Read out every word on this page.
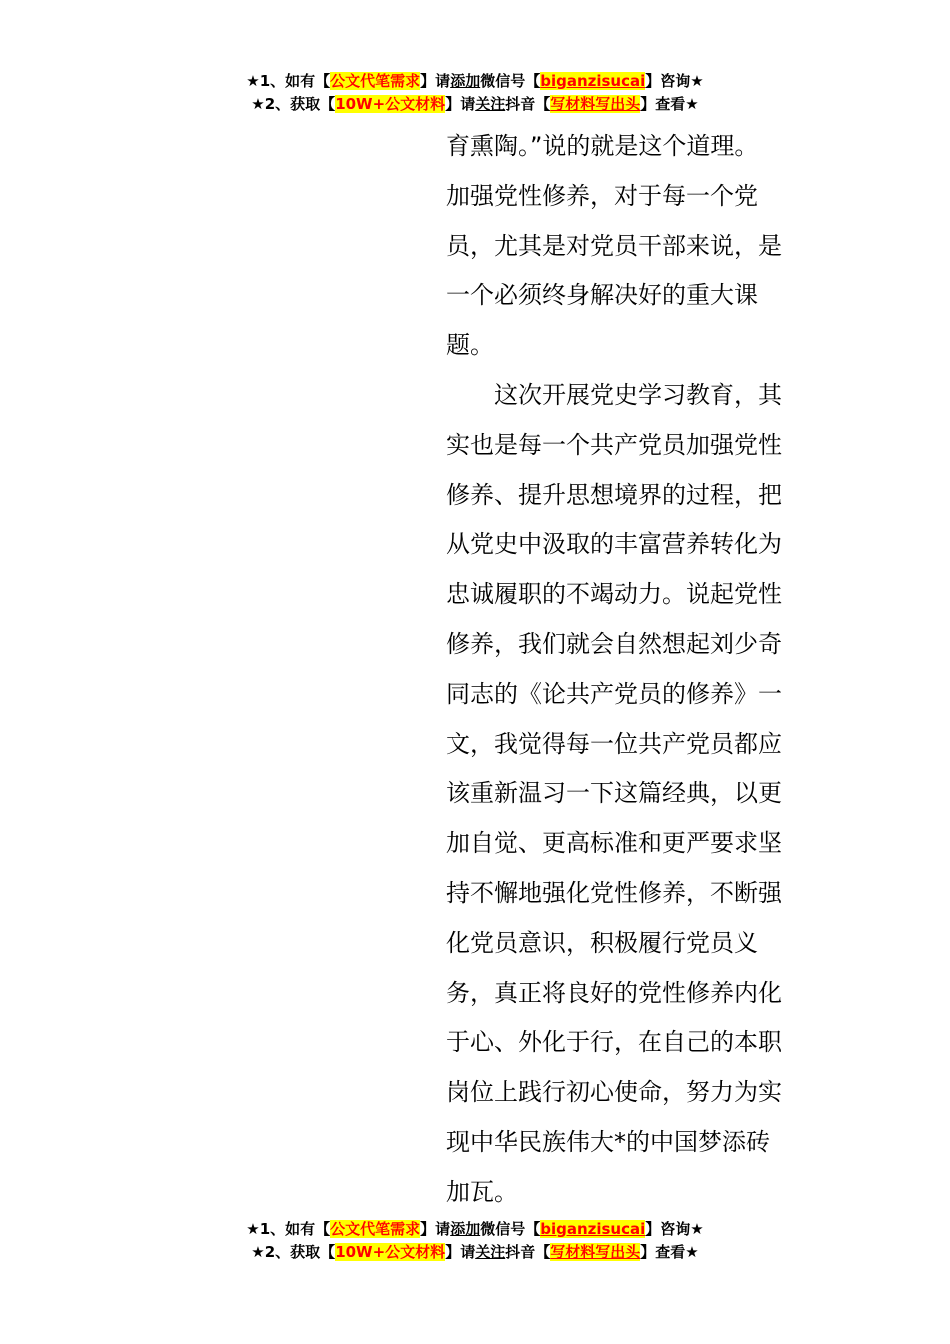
★1、如有【公文代笔需求】请添加微信号【biganzisucai】咨询★
★2、获取【10W+公文材料】请关注抖音【写材料写出头】查看★
育熏陶。”说的就是这个道理。
加强党性修养，对于每一个党
员，尤其是对党员干部来说，是
一个必须终身解决好的重大课
题。
这次开展党史学习教育，其
实也是每一个共产党员加强党性
修养、提升思想境界的过程，把
从党史中汲取的丰富营养转化为
忠诚履职的不竭动力。说起党性
修养，我们就会自然想起刘少奇
同志的《论共产党员的修养》一
文，我觉得每一位共产党员都应
该重新温习一下这篇经典，以更
加自觉、更高标准和更严要求坚
持不懈地强化党性修养，不断强
化党员意识，积极履行党员义
务，真正将良好的党性修养内化
于心、外化于行，在自己的本职
岗位上践行初心使命，努力为实
现中华民族伟大*的中国梦添砖
加瓦。
★1、如有【公文代笔需求】请添加微信号【biganzisucai】咨询★
★2、获取【10W+公文材料】请关注抖音【写材料写出头】查看★
